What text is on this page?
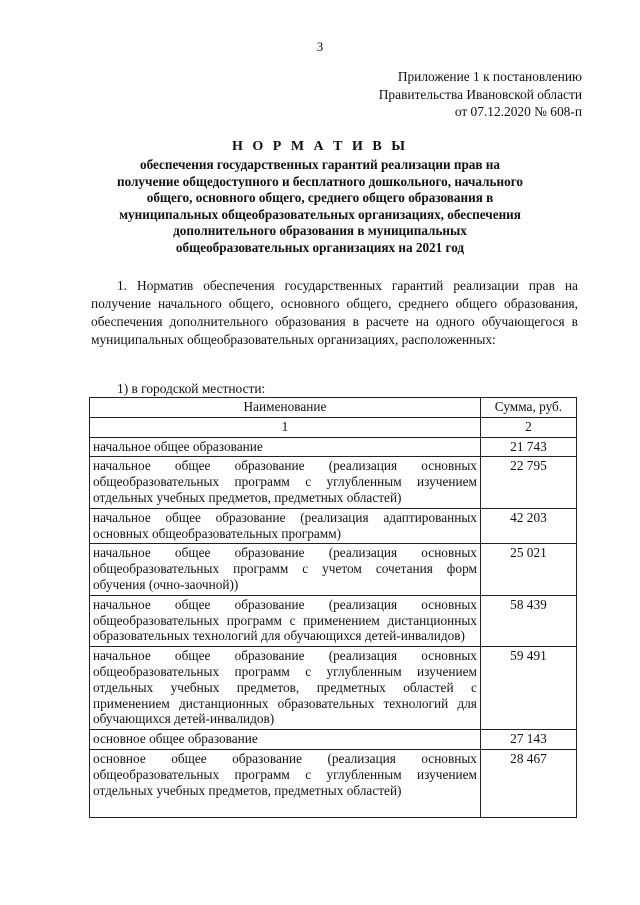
3
Приложение 1 к постановлению
Правительства Ивановской области
от 07.12.2020 № 608-п
Н О Р М А Т И В Ы
обеспечения государственных гарантий реализации прав на получение общедоступного и бесплатного дошкольного, начального общего, основного общего, среднего общего образования в муниципальных общеобразовательных организациях, обеспечения дополнительного образования в муниципальных общеобразовательных организациях на 2021 год
1. Норматив обеспечения государственных гарантий реализации прав на получение начального общего, основного общего, среднего общего образования, обеспечения дополнительного образования в расчете на одного обучающегося в муниципальных общеобразовательных организациях, расположенных:
1) в городской местности:
Наименование	Сумма, руб.
1	2
начальное общее образование	21 743
начальное общее образование (реализация основных общеобразовательных программ с углубленным изучением отдельных учебных предметов, предметных областей)	22 795
начальное общее образование (реализация адаптированных основных общеобразовательных программ)	42 203
начальное общее образование (реализация основных общеобразовательных программ с учетом сочетания форм обучения (очно-заочной))	25 021
начальное общее образование (реализация основных общеобразовательных программ с применением дистанционных образовательных технологий для обучающихся детей-инвалидов)	58 439
начальное общее образование (реализация основных общеобразовательных программ с углубленным изучением отдельных учебных предметов, предметных областей с применением дистанционных образовательных технологий для обучающихся детей-инвалидов)	59 491
основное общее образование	27 143
основное общее образование (реализация основных общеобразовательных программ с углубленным изучением отдельных учебных предметов, предметных областей)	28 467
